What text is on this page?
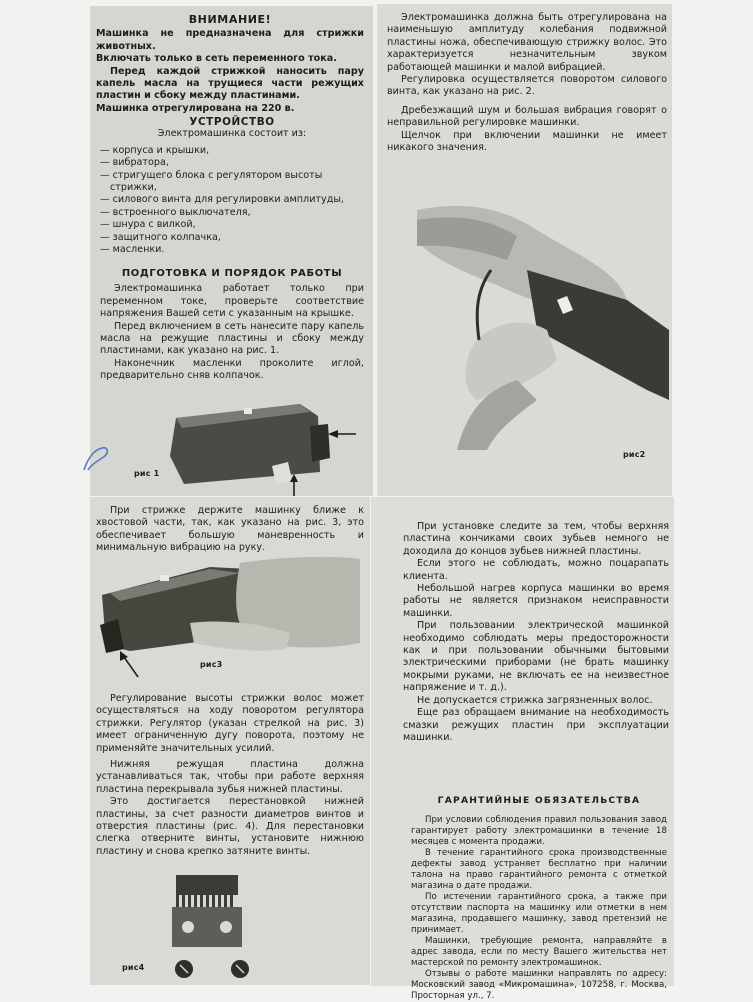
ВНИМАНИЕ!

Машинка не предназначена для стрижки животных.

Включать только в сеть переменного тока.

Перед каждой стрижкой наносить пару капель масла на трущиеся части режущих пластин и сбоку между пластинами.

Машинка отрегулирована на 220 в.

УСТРОЙСТВО

Электромашинка состоит из:

— корпуса и крышки,
— вибратора,
— стригущего блока с регулятором высоты стрижки,
— силового винта для регулировки амплитуды,
— встроенного выключателя,
— шнура с вилкой,
— защитного колпачка,
— масленки.

ПОДГОТОВКА И ПОРЯДОК РАБОТЫ

Электромашинка работает только при переменном токе, проверьте соответствие напряжения Вашей сети с указанным на крышке.

Перед включением в сеть нанесите пару капель масла на режущие пластины и сбоку между пластинами, как указано на рис. 1.

Наконечник масленки проколите иглой, предварительно сняв колпачок.

рис 1

Электромашинка должна быть отрегулирована на наименьшую амплитуду колебания подвижной пластины ножа, обеспечивающую стрижку волос. Это характеризуется незначительным звуком работающей машинки и малой вибрацией.

Регулировка осуществляется поворотом силового винта, как указано на рис. 2.

Дребезжащий шум и большая вибрация говорят о неправильной регулировке машинки.

Щелчок при включении машинки не имеет никакого значения.

рис2

При стрижке держите машинку ближе к хвостовой части, так, как указано на рис. 3, это обеспечивает большую маневренность и минимальную вибрацию на руку.

рис3

Регулирование высоты стрижки волос может осуществляться на ходу поворотом регулятора стрижки. Регулятор (указан стрелкой на рис. 3) имеет ограниченную дугу поворота, поэтому не применяйте значительных усилий.

Нижняя режущая пластина должна устанавливаться так, чтобы при работе верхняя пластина перекрывала зубья нижней пластины.

Это достигается перестановкой нижней пластины, за счет разности диаметров винтов и отверстия пластины (рис. 4). Для перестановки слегка отверните винты, установите нижнюю пластину и снова крепко затяните винты.

рис4

При установке следите за тем, чтобы верхняя пластина кончиками своих зубьев немного не доходила до концов зубьев нижней пластины.

Если этого не соблюдать, можно поцарапать клиента.

Небольшой нагрев корпуса машинки во время работы не является признаком неисправности машинки.

При пользовании электрической машинкой необходимо соблюдать меры предосторожности как и при пользовании обычными бытовыми электрическими приборами (не брать машинку мокрыми руками, не включать ее на неизвестное напряжение и т. д.).

Не допускается стрижка загрязненных волос.

Еще раз обращаем внимание на необходимость смазки режущих пластин при эксплуатации машинки.

ГАРАНТИЙНЫЕ ОБЯЗАТЕЛЬСТВА

При условии соблюдения правил пользования завод гарантирует работу электромашинки в течение 18 месяцев с момента продажи.

В течение гарантийного срока производственные дефекты завод устраняет бесплатно при наличии талона на право гарантийного ремонта с отметкой магазина о дате продажи.

По истечении гарантийного срока, а также при отсутствии паспорта на машинку или отметки в нем магазина, продавшего машинку, завод претензий не принимает.

Машинки, требующие ремонта, направляйте в адрес завода, если по месту Вашего жительства нет мастерской по ремонту электромашинок.

Отзывы о работе машинки направлять по адресу: Московский завод «Микромашина», 107258, г. Москва, Просторная ул., 7.
